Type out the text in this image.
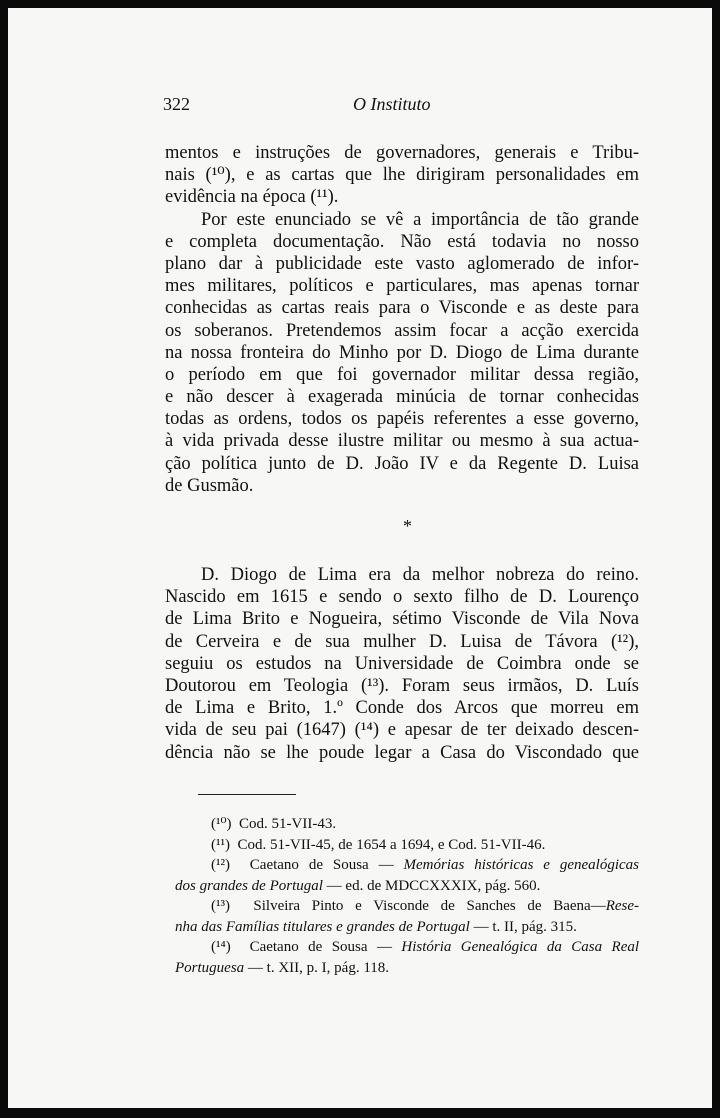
322	O Instituto
mentos e instruções de governadores, generais e Tribu-
nais (¹⁰), e as cartas que lhe dirigiram personalidades em
evidência na época (¹¹).
Por este enunciado se vê a importância de tão grande
e completa documentação. Não está todavia no nosso
plano dar à publicidade este vasto aglomerado de infor-
mes militares, políticos e particulares, mas apenas tornar
conhecidas as cartas reais para o Visconde e as deste para
os soberanos. Pretendemos assim focar a acção exercida
na nossa fronteira do Minho por D. Diogo de Lima durante
o período em que foi governador militar dessa região,
e não descer à exagerada minúcia de tornar conhecidas
todas as ordens, todos os papéis referentes a esse governo,
à vida privada desse ilustre militar ou mesmo à sua actua-
ção política junto de D. João IV e da Regente D. Luisa
de Gusmão.
*
D. Diogo de Lima era da melhor nobreza do reino.
Nascido em 1615 e sendo o sexto filho de D. Lourenço
de Lima Brito e Nogueira, sétimo Visconde de Vila Nova
de Cerveira e de sua mulher D. Luisa de Távora (¹²),
seguiu os estudos na Universidade de Coimbra onde se
Doutorou em Teologia (¹³). Foram seus irmãos, D. Luís
de Lima e Brito, 1.º Conde dos Arcos que morreu em
vida de seu pai (1647) (¹⁴) e apesar de ter deixado descen-
dência não se lhe poude legar a Casa do Viscondado que
(¹⁰) Cod. 51-VII-43.
(¹¹) Cod. 51-VII-45, de 1654 a 1694, e Cod. 51-VII-46.
(¹²) Caetano de Sousa — Memórias históricas e genealógicas
dos grandes de Portugal — ed. de MDCCXXXIX, pág. 560.
(¹³) Silveira Pinto e Visconde de Sanches de Baena—Rese-
nha das Famílias titulares e grandes de Portugal — t. II, pág. 315.
(¹⁴) Caetano de Sousa — História Genealógica da Casa Real
Portuguesa — t. XII, p. I, pág. 118.
